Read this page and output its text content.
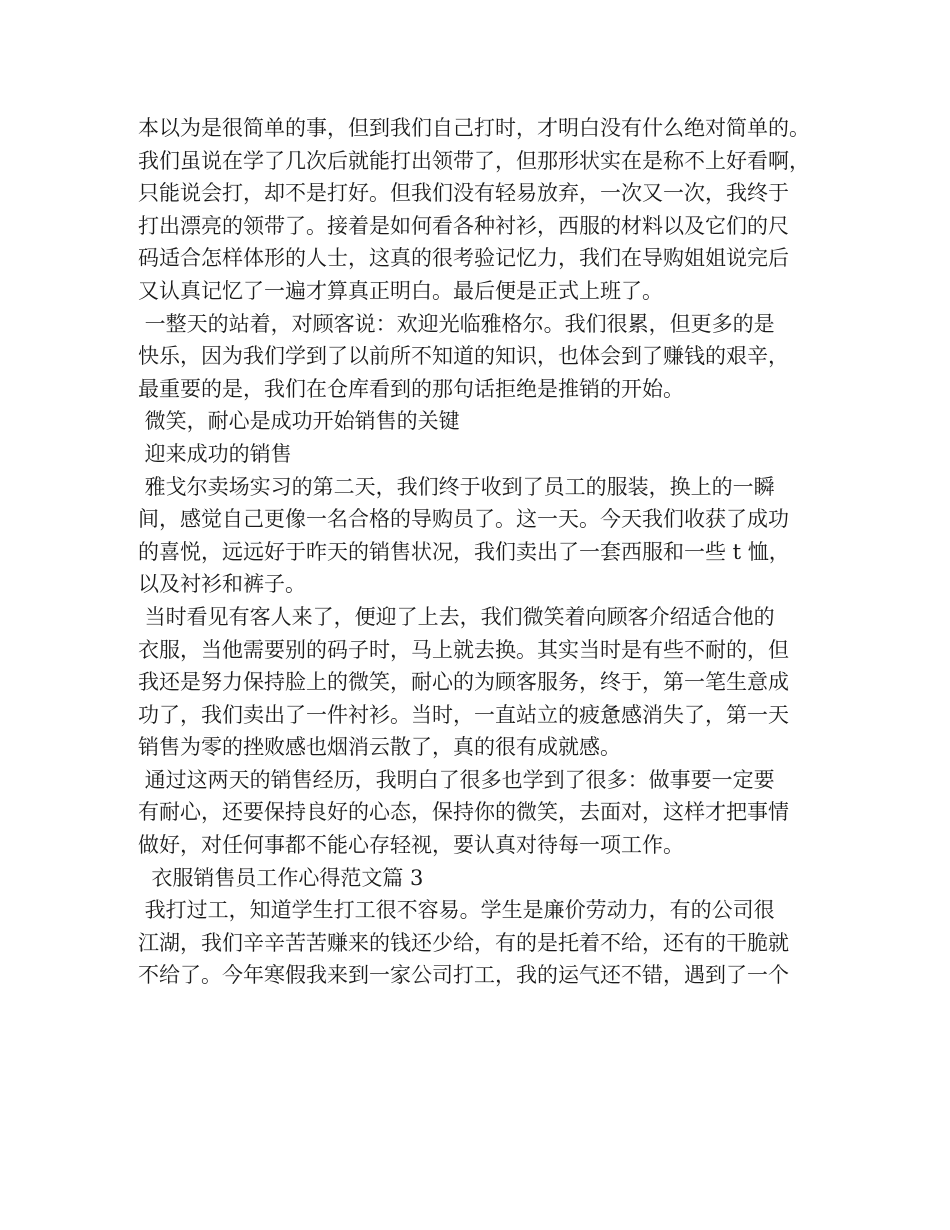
本以为是很简单的事，但到我们自己打时，才明白没有什么绝对简单的。
我们虽说在学了几次后就能打出领带了，但那形状实在是称不上好看啊，
只能说会打，却不是打好。但我们没有轻易放弃，一次又一次，我终于
打出漂亮的领带了。接着是如何看各种衬衫，西服的材料以及它们的尺
码适合怎样体形的人士，这真的很考验记忆力，我们在导购姐姐说完后
又认真记忆了一遍才算真正明白。最后便是正式上班了。
一整天的站着，对顾客说：欢迎光临雅格尔。我们很累，但更多的是
快乐，因为我们学到了以前所不知道的知识，也体会到了赚钱的艰辛，
最重要的是，我们在仓库看到的那句话拒绝是推销的开始。
微笑，耐心是成功开始销售的关键
迎来成功的销售
雅戈尔卖场实习的第二天，我们终于收到了员工的服装，换上的一瞬
间，感觉自己更像一名合格的导购员了。这一天。今天我们收获了成功
的喜悦，远远好于昨天的销售状况，我们卖出了一套西服和一些 t 恤，
以及衬衫和裤子。
当时看见有客人来了，便迎了上去，我们微笑着向顾客介绍适合他的
衣服，当他需要别的码子时，马上就去换。其实当时是有些不耐的，但
我还是努力保持脸上的微笑，耐心的为顾客服务，终于，第一笔生意成
功了，我们卖出了一件衬衫。当时，一直站立的疲惫感消失了，第一天
销售为零的挫败感也烟消云散了，真的很有成就感。
通过这两天的销售经历，我明白了很多也学到了很多：做事要一定要
有耐心，还要保持良好的心态，保持你的微笑，去面对，这样才把事情
做好，对任何事都不能心存轻视，要认真对待每一项工作。
衣服销售员工作心得范文篇 3
我打过工，知道学生打工很不容易。学生是廉价劳动力，有的公司很
江湖，我们辛辛苦苦赚来的钱还少给，有的是托着不给，还有的干脆就
不给了。今年寒假我来到一家公司打工，我的运气还不错，遇到了一个
